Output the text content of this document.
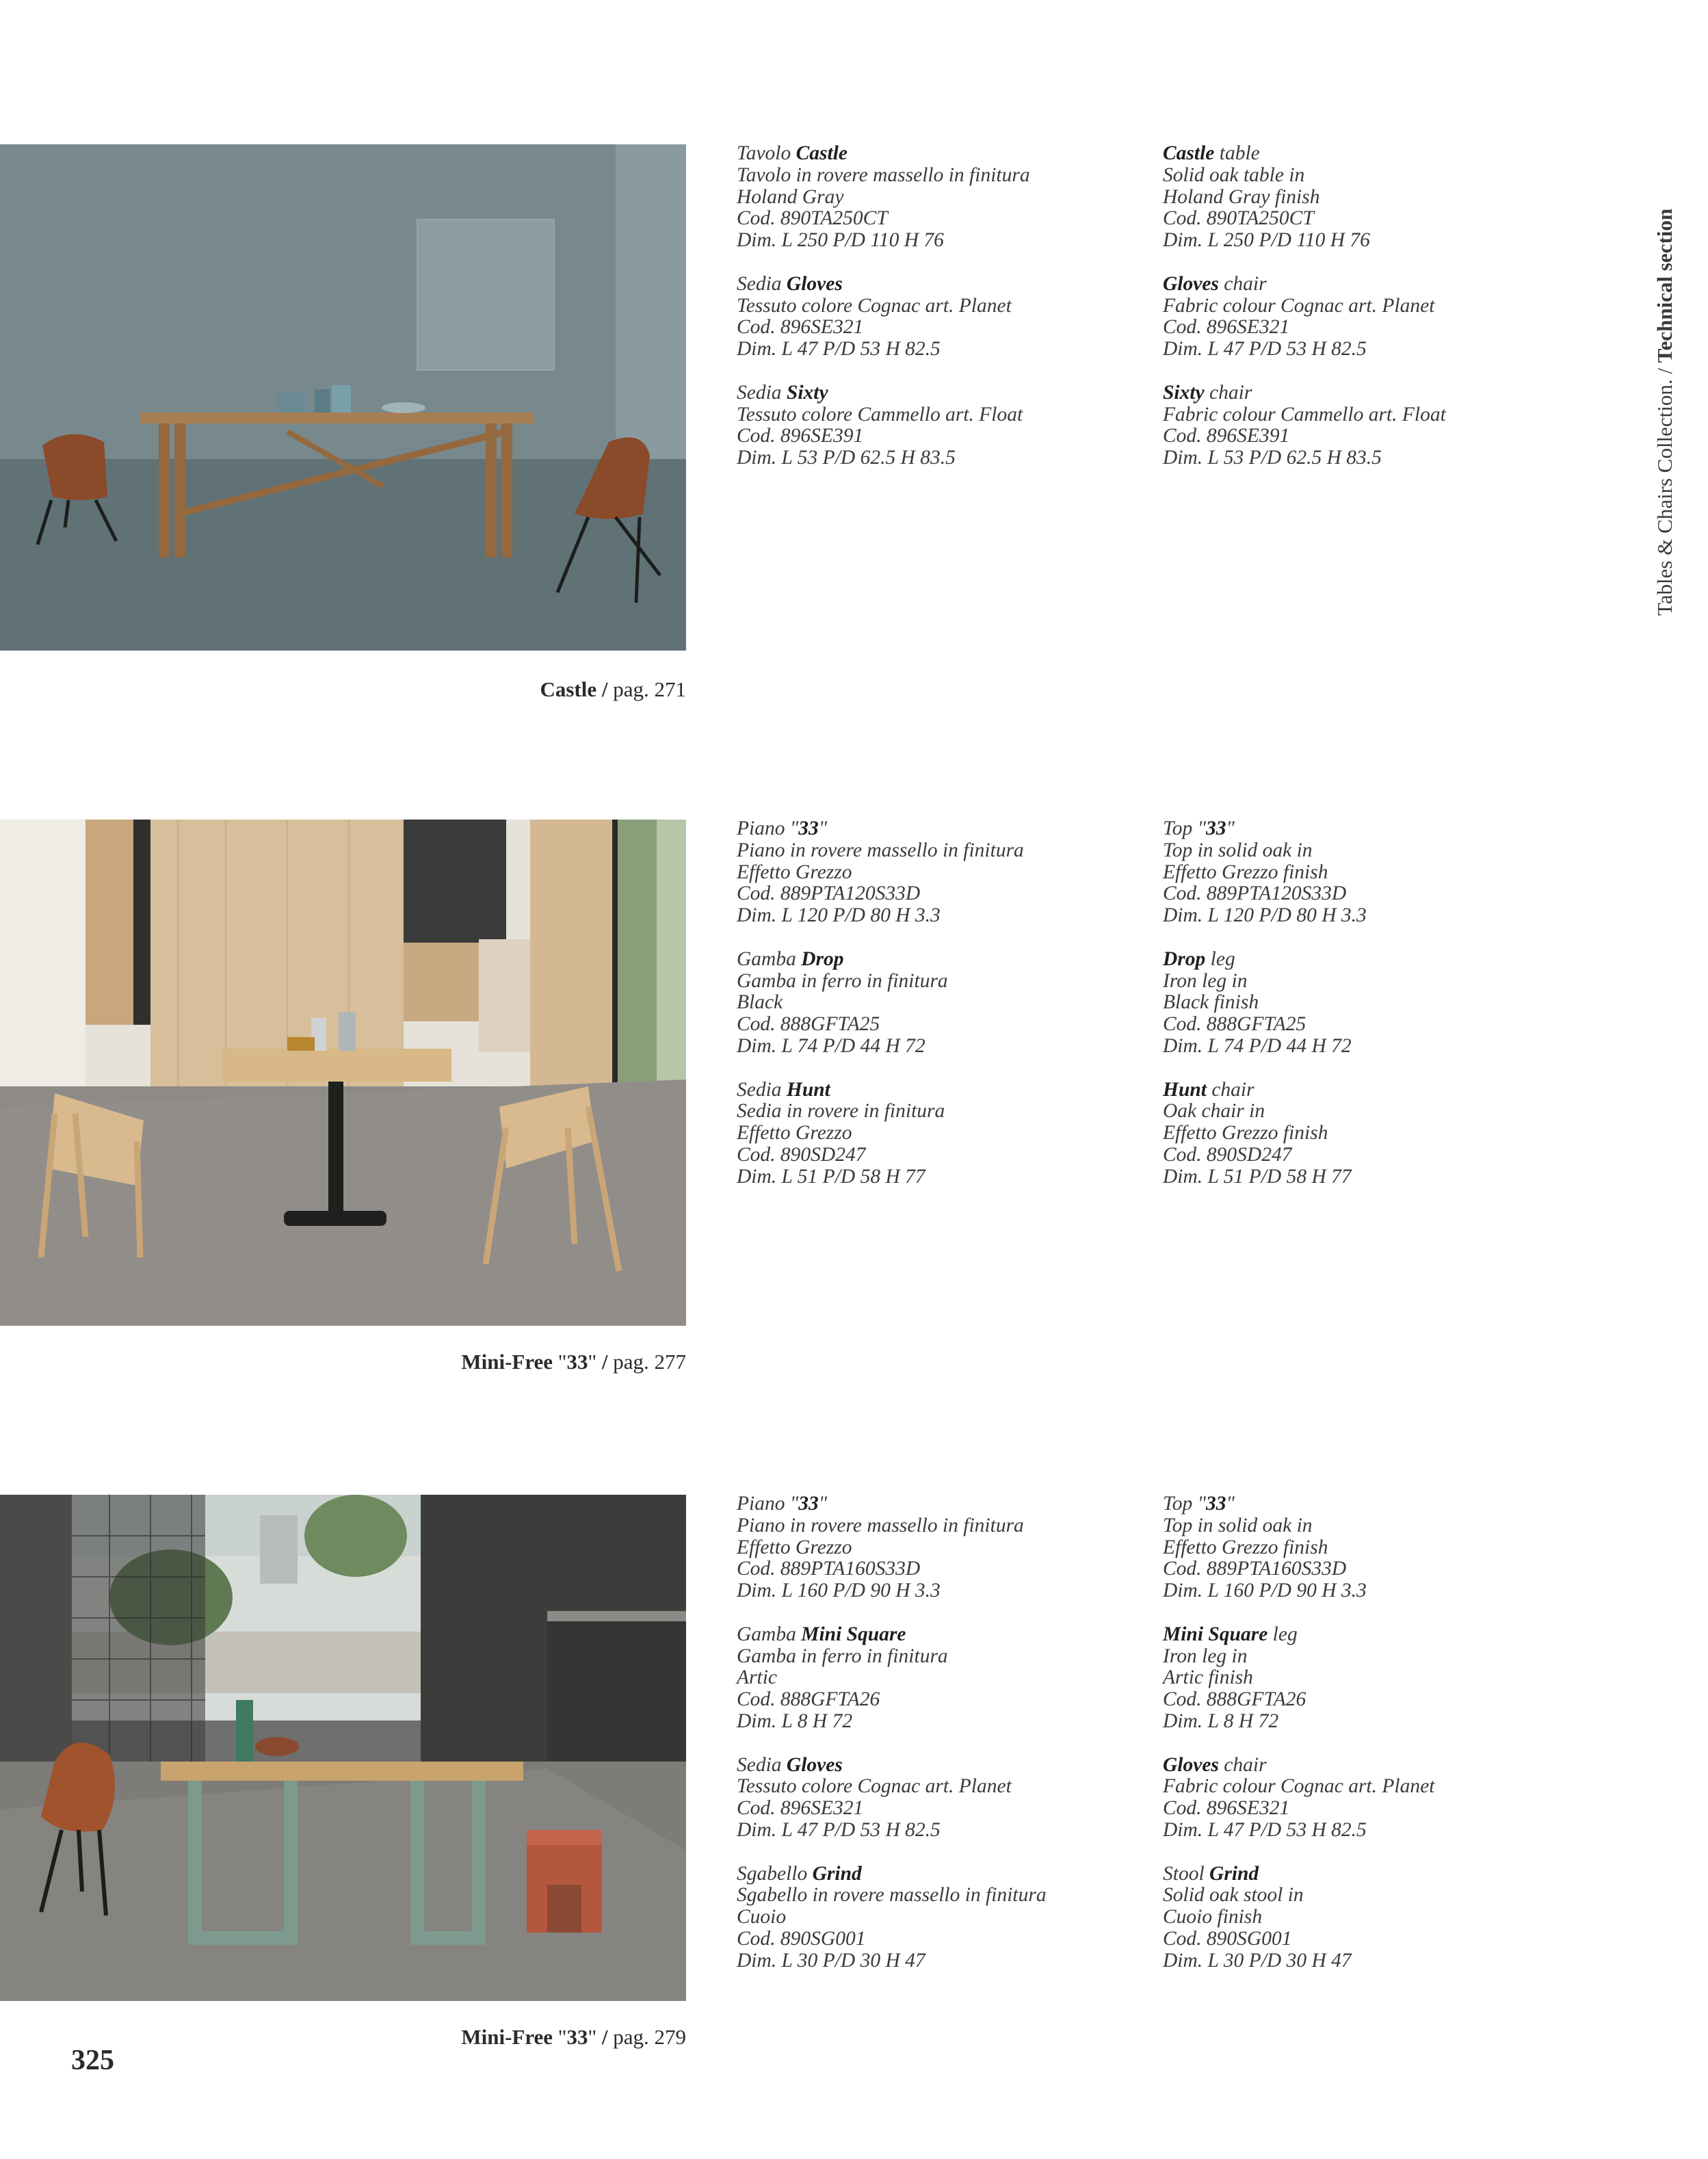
Castle / pag. 271
Tavolo Castle
Tavolo in rovere massello in finitura
Holand Gray
Cod. 890TA250CT
Dim. L 250 P/D 110 H 76
Sedia Gloves
Tessuto colore Cognac art. Planet
Cod. 896SE321
Dim. L 47 P/D 53 H 82.5
Sedia Sixty
Tessuto colore Cammello art. Float
Cod. 896SE391
Dim. L 53 P/D 62.5 H 83.5
Castle table
Solid oak table in
Holand Gray finish
Cod. 890TA250CT
Dim. L 250 P/D 110 H 76
Gloves chair
Fabric colour Cognac art. Planet
Cod. 896SE321
Dim. L 47 P/D 53 H 82.5
Sixty chair
Fabric colour Cammello art. Float
Cod. 896SE391
Dim. L 53 P/D 62.5 H 83.5
Mini-Free "33" / pag. 277
Piano "33"
Piano in rovere massello in finitura
Effetto Grezzo
Cod. 889PTA120S33D
Dim. L 120 P/D 80 H 3.3
Gamba Drop
Gamba in ferro in finitura
Black
Cod. 888GFTA25
Dim. L 74 P/D 44 H 72
Sedia Hunt
Sedia in rovere in finitura
Effetto Grezzo
Cod. 890SD247
Dim. L 51 P/D 58 H 77
Top "33"
Top in solid oak in
Effetto Grezzo finish
Cod. 889PTA120S33D
Dim. L 120 P/D 80 H 3.3
Drop leg
Iron leg in
Black finish
Cod. 888GFTA25
Dim. L 74 P/D 44 H 72
Hunt chair
Oak chair in
Effetto Grezzo finish
Cod. 890SD247
Dim. L 51 P/D 58 H 77
Mini-Free "33" / pag. 279
Piano "33"
Piano in rovere massello in finitura
Effetto Grezzo
Cod. 889PTA160S33D
Dim. L 160 P/D 90 H 3.3
Gamba Mini Square
Gamba in ferro in finitura
Artic
Cod. 888GFTA26
Dim. L 8 H 72
Sedia Gloves
Tessuto colore Cognac art. Planet
Cod. 896SE321
Dim. L 47 P/D 53 H 82.5
Sgabello Grind
Sgabello in rovere massello in finitura
Cuoio
Cod. 890SG001
Dim. L 30 P/D 30 H 47
Top "33"
Top in solid oak in
Effetto Grezzo finish
Cod. 889PTA160S33D
Dim. L 160 P/D 90 H 3.3
Mini Square leg
Iron leg in
Artic finish
Cod. 888GFTA26
Dim. L 8 H 72
Gloves chair
Fabric colour Cognac art. Planet
Cod. 896SE321
Dim. L 47 P/D 53 H 82.5
Stool Grind
Solid oak stool in
Cuoio finish
Cod. 890SG001
Dim. L 30 P/D 30 H 47
Tables & Chairs Collection. / Technical section
325
